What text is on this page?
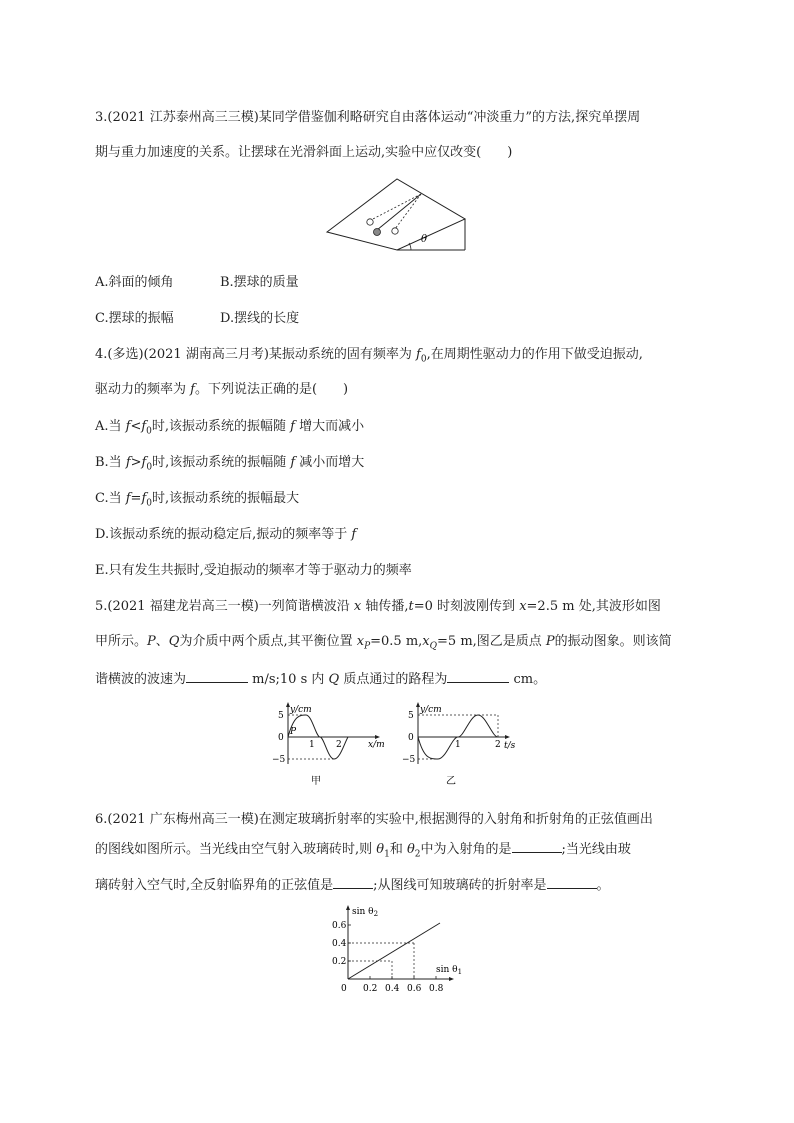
3.(2021 江苏泰州高三三模)某同学借鉴伽利略研究自由落体运动“冲淡重力”的方法,探究单摆周
期与重力加速度的关系。让摆球在光滑斜面上运动,实验中应仅改变(　　)
θ
A.斜面的倾角	B.摆球的质量
C.摆球的振幅	D.摆线的长度
4.(多选)(2021 湖南高三月考)某振动系统的固有频率为 $f_0$,在周期性驱动力的作用下做受迫振动,
驱动力的频率为 f。下列说法正确的是(　　)
A.当 $f<f_0$时,该振动系统的振幅随 f 增大而减小
B.当 $f>f_0$时,该振动系统的振幅随 f 减小而增大
C.当 $f=f_0$时,该振动系统的振幅最大
D.该振动系统的振动稳定后,振动的频率等于 f
E.只有发生共振时,受迫振动的频率才等于驱动力的频率
5.(2021 福建龙岩高三一模)一列简谐横波沿 x 轴传播,t=0 时刻波刚传到 x=2.5 m 处,其波形如图
甲所示。P、Q为介质中两个质点,其平衡位置 $x_P=0.5$ $m,x_Q=5$ m,图乙是质点 P的振动图象。则该简
谐横波的波速为	m/s;10 s 内 Q 质点通过的路程为	cm。
y/cm
x/m
5
0
−5
P
1 2
甲
y/cm
t/s
5
0
−5
1	2
乙
6.(2021 广东梅州高三一模)在测定玻璃折射率的实验中,根据测得的入射角和折射角的正弦值画出
的图线如图所示。当光线由空气射入玻璃砖时,则 $\theta_1$和 $\theta_2$中为入射角的是	;当光线由玻
璃砖射入空气时,全反射临界角的正弦值是	;从图线可知玻璃砖的折射率是	。
$\sin \theta_2$
$\sin \theta_1$
0.6
0.4
0.2
0 0.2 0.4 0.6 0.8
